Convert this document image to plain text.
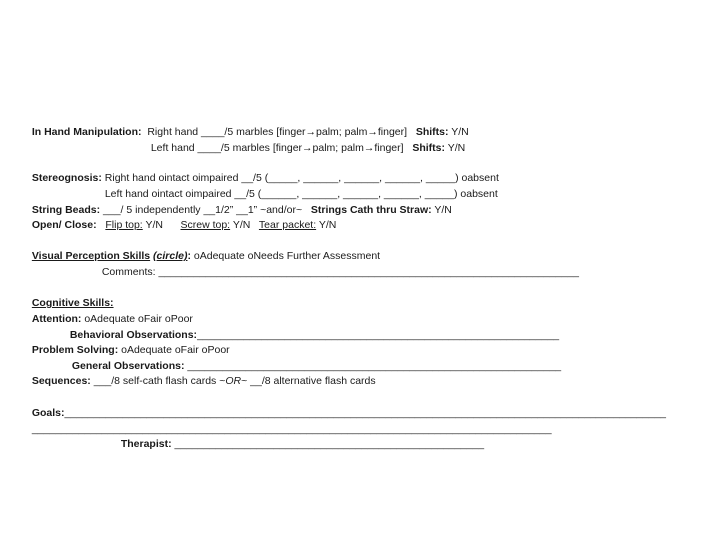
In Hand Manipulation: Right hand ____/5 marbles [finger→palm; palm→finger] Shifts: Y/N

Left hand ____/5 marbles [finger→palm; palm→finger] Shifts: Y/N

Stereognosis: Right hand ointact oimpaired __/5 (_____, ______, ______, ______, _____) oabsent

Left hand ointact oimpaired __/5 (______, ______, ______, ______, _____) oabsent

String Beads: ___/ 5 independently __1/2” __1” ~and/or~ Strings Cath thru Straw: Y/N

Open/ Close: Flip top: Y/N Screw top: Y/N Tear packet: Y/N

Visual Perception Skills (circle): oAdequate oNeeds Further Assessment

Comments: ________________________________________________________________________

Cognitive Skills:

Attention: oAdequate oFair oPoor

Behavioral Observations:______________________________________________________________

Problem Solving: oAdequate oFair oPoor

General Observations: ________________________________________________________________

Sequences: ___/8 self-cath flash cards ~OR~ __/8 alternative flash cards

Goals:_______________________________________________________________________________________________________

_________________________________________________________________________________________

Therapist: _____________________________________________________
